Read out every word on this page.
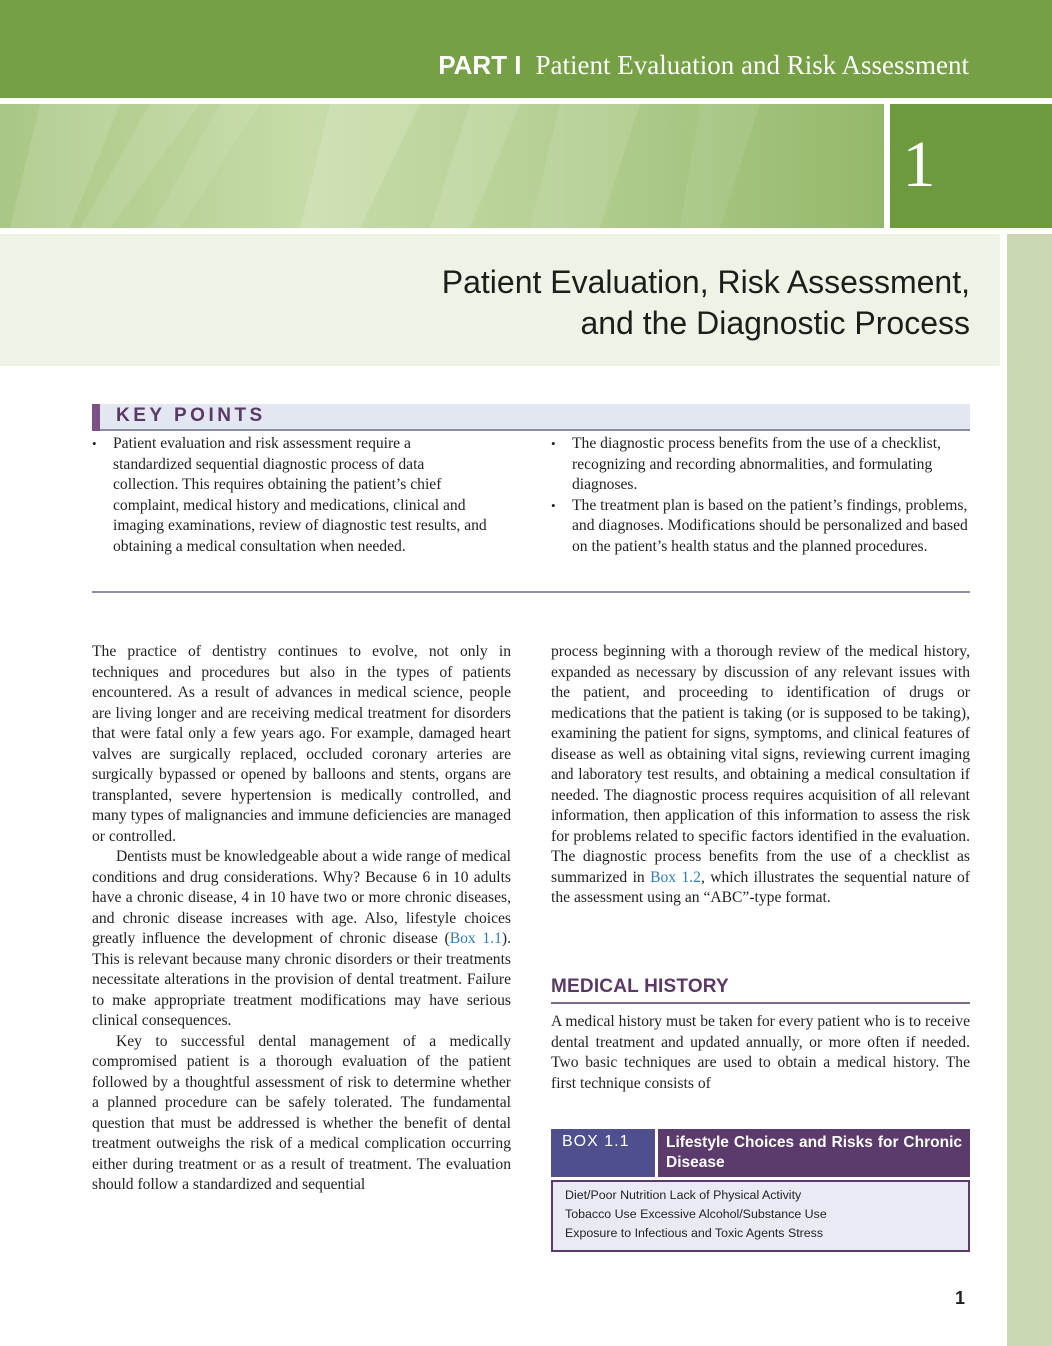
PART I Patient Evaluation and Risk Assessment
1
Patient Evaluation, Risk Assessment,
and the Diagnostic Process
KEY POINTS
• Patient evaluation and risk assessment require a standardized sequential diagnostic process of data collection. This requires obtaining the patient’s chief complaint, medical history and medications, clinical and imaging examinations, review of diagnostic test results, and obtaining a medical consultation when needed.
• The diagnostic process benefits from the use of a checklist, recognizing and recording abnormalities, and formulating diagnoses.
• The treatment plan is based on the patient’s findings, problems, and diagnoses. Modifications should be personalized and based on the patient’s health status and the planned procedures.

The practice of dentistry continues to evolve, not only in techniques and procedures but also in the types of patients encountered. As a result of advances in medical science, people are living longer and are receiving medical treatment for disorders that were fatal only a few years ago. For example, damaged heart valves are surgically replaced, occluded coronary arteries are surgically bypassed or opened by balloons and stents, organs are transplanted, severe hypertension is medically controlled, and many types of malignancies and immune deficiencies are managed or controlled.

Dentists must be knowledgeable about a wide range of medical conditions and drug considerations. Why? Because 6 in 10 adults have a chronic disease, 4 in 10 have two or more chronic diseases, and chronic disease increases with age. Also, lifestyle choices greatly influence the development of chronic disease (Box 1.1). This is relevant because many chronic disorders or their treatments necessitate alterations in the provision of dental treatment. Failure to make appropriate treatment modifications may have serious clinical consequences.

Key to successful dental management of a medically compromised patient is a thorough evaluation of the patient followed by a thoughtful assessment of risk to determine whether a planned procedure can be safely tolerated. The fundamental question that must be addressed is whether the benefit of dental treatment outweighs the risk of a medical complication occurring either during treatment or as a result of treatment. The evaluation should follow a standardized and sequential

process beginning with a thorough review of the medical history, expanded as necessary by discussion of any relevant issues with the patient, and proceeding to identification of drugs or medications that the patient is taking (or is supposed to be taking), examining the patient for signs, symptoms, and clinical features of disease as well as obtaining vital signs, reviewing current imaging and laboratory test results, and obtaining a medical consultation if needed. The diagnostic process requires acquisition of all relevant information, then application of this information to assess the risk for problems related to specific factors identified in the evaluation. The diagnostic process benefits from the use of a checklist as summarized in Box 1.2, which illustrates the sequential nature of the assessment using an “ABC”-type format.

MEDICAL HISTORY

A medical history must be taken for every patient who is to receive dental treatment and updated annually, or more often if needed. Two basic techniques are used to obtain a medical history. The first technique consists of

BOX 1.1	Lifestyle Choices and Risks for Chronic Disease
Diet/Poor Nutrition Lack of Physical Activity
Tobacco Use Excessive Alcohol/Substance Use
Exposure to Infectious and Toxic Agents Stress
1
